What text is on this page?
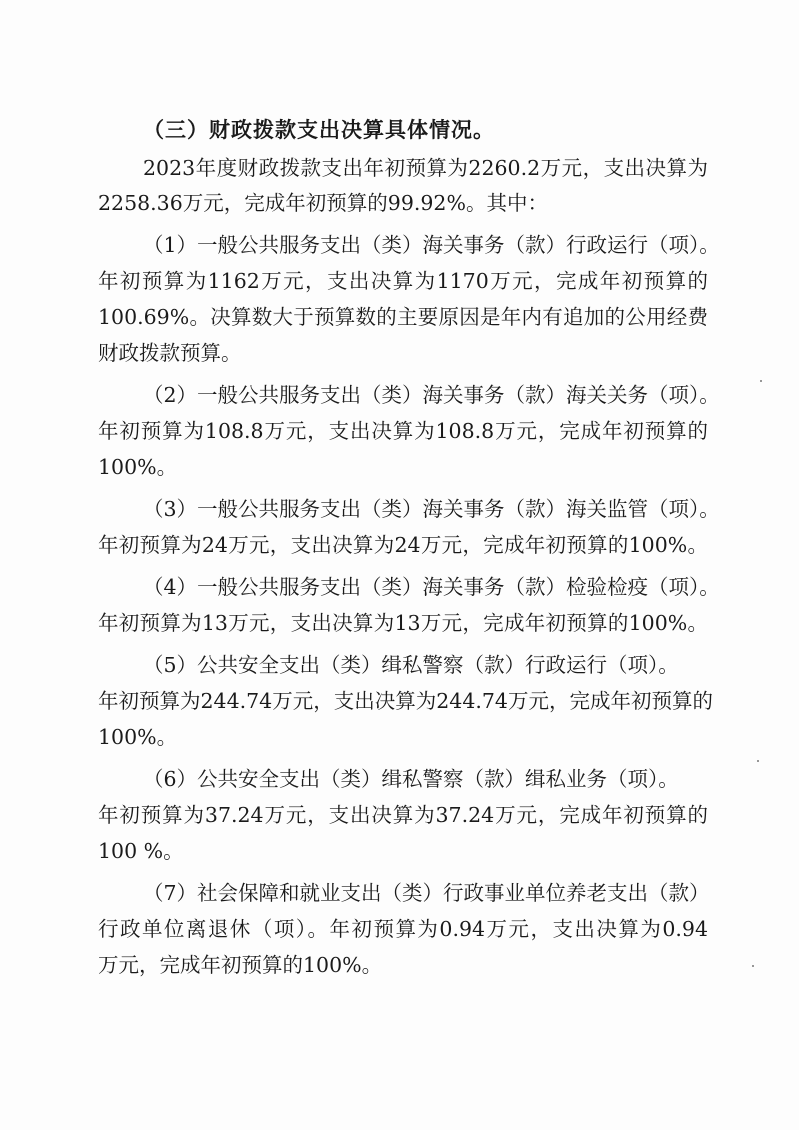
（三）财政拨款支出决算具体情况。
2023年度财政拨款支出年初预算为2260.2万元，支出决算为
2258.36万元，完成年初预算的99.92%。其中：
（1）一般公共服务支出（类）海关事务（款）行政运行（项）。
年初预算为1162万元，支出决算为1170万元，完成年初预算的
100.69%。决算数大于预算数的主要原因是年内有追加的公用经费
财政拨款预算。
（2）一般公共服务支出（类）海关事务（款）海关关务（项）。
年初预算为108.8万元，支出决算为108.8万元，完成年初预算的
100%。
（3）一般公共服务支出（类）海关事务（款）海关监管（项）。
年初预算为24万元，支出决算为24万元，完成年初预算的100%。
（4）一般公共服务支出（类）海关事务（款）检验检疫（项）。
年初预算为13万元，支出决算为13万元，完成年初预算的100%。
（5）公共安全支出（类）缉私警察（款）行政运行（项）。
年初预算为244.74万元，支出决算为244.74万元，完成年初预算的
100%。
（6）公共安全支出（类）缉私警察（款）缉私业务（项）。
年初预算为37.24万元，支出决算为37.24万元，完成年初预算的
100 %。
（7）社会保障和就业支出（类）行政事业单位养老支出（款）
行政单位离退休（项）。年初预算为0.94万元，支出决算为0.94
万元，完成年初预算的100%。
